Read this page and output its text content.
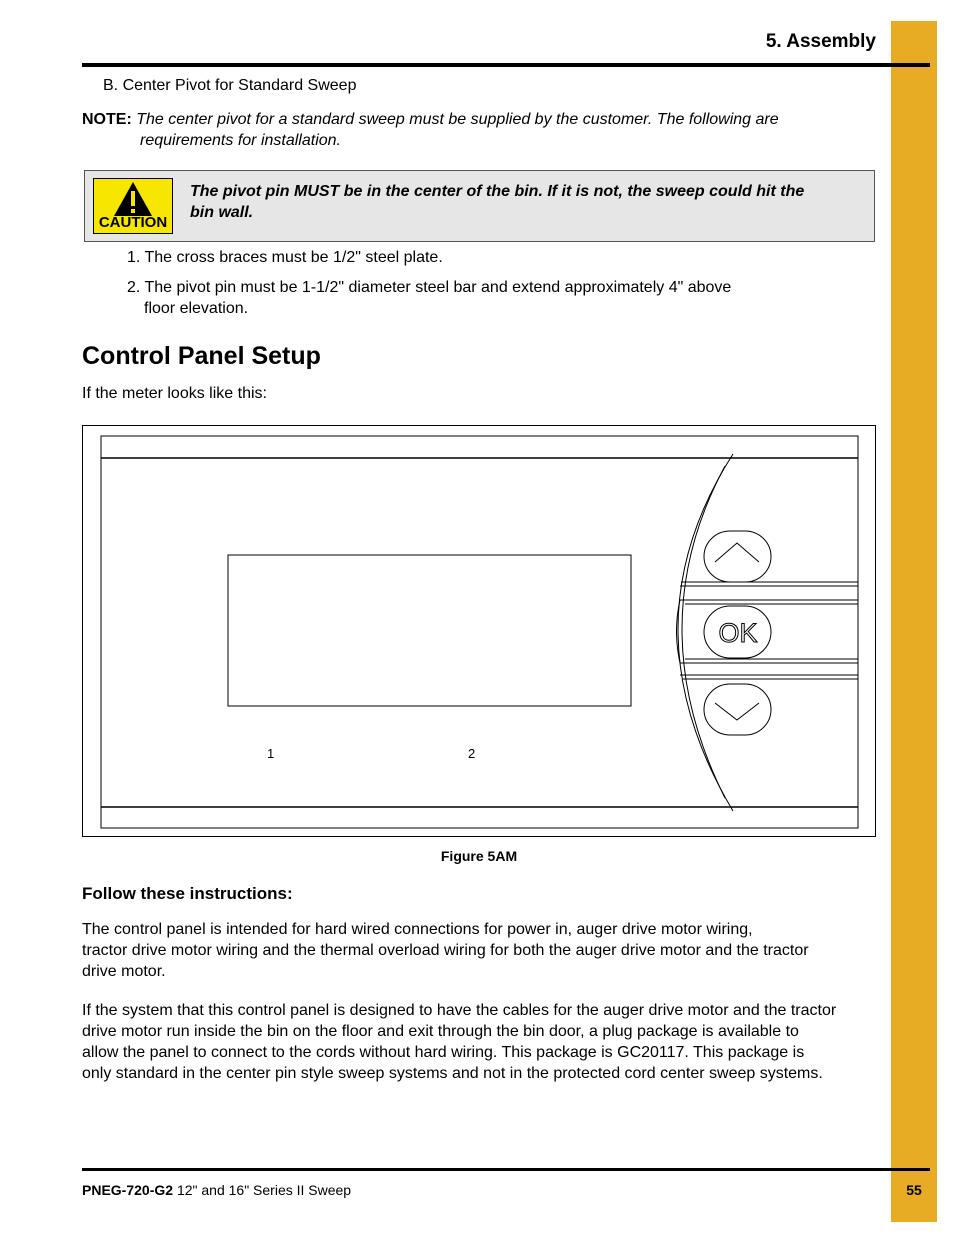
5. Assembly
B. Center Pivot for Standard Sweep
NOTE: The center pivot for a standard sweep must be supplied by the customer. The following are
requirements for installation.
CAUTION
The pivot pin MUST be in the center of the bin. If it is not, the sweep could hit the
bin wall.
1. The cross braces must be 1/2" steel plate.
2. The pivot pin must be 1-1/2" diameter steel bar and extend approximately 4" above
floor elevation.
Control Panel Setup
If the meter looks like this:
OK
1	2
Figure 5AM
Follow these instructions:
The control panel is intended for hard wired connections for power in, auger drive motor wiring,
tractor drive motor wiring and the thermal overload wiring for both the auger drive motor and the tractor
drive motor.
If the system that this control panel is designed to have the cables for the auger drive motor and the tractor
drive motor run inside the bin on the floor and exit through the bin door, a plug package is available to
allow the panel to connect to the cords without hard wiring. This package is GC20117. This package is
only standard in the center pin style sweep systems and not in the protected cord center sweep systems.
PNEG-720-G2 12" and 16" Series II Sweep	55
